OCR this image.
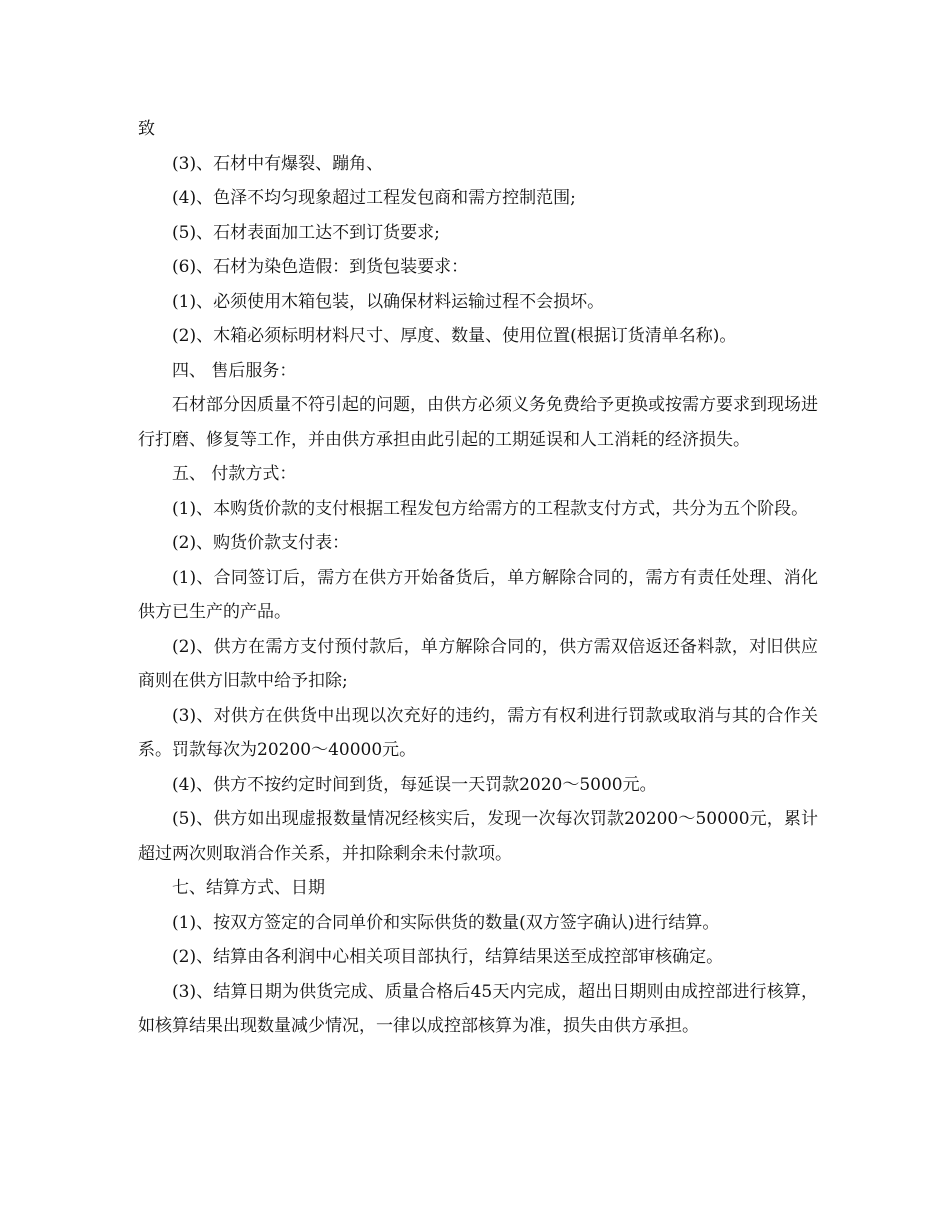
致

(3)、石材中有爆裂、蹦角、

(4)、色泽不均匀现象超过工程发包商和需方控制范围;

(5)、石材表面加工达不到订货要求;

(6)、石材为染色造假：到货包装要求：

(1)、必须使用木箱包装，以确保材料运输过程不会损坏。

(2)、木箱必须标明材料尺寸、厚度、数量、使用位置(根据订货清单名称)。

四、 售后服务：

石材部分因质量不符引起的问题，由供方必须义务免费给予更换或按需方要求到现场进行打磨、修复等工作，并由供方承担由此引起的工期延误和人工消耗的经济损失。

五、 付款方式：

(1)、本购货价款的支付根据工程发包方给需方的工程款支付方式，共分为五个阶段。

(2)、购货价款支付表：

(1)、合同签订后，需方在供方开始备货后，单方解除合同的，需方有责任处理、消化供方已生产的产品。

(2)、供方在需方支付预付款后，单方解除合同的，供方需双倍返还备料款，对旧供应商则在供方旧款中给予扣除;

(3)、对供方在供货中出现以次充好的违约，需方有权利进行罚款或取消与其的合作关系。罚款每次为20200～40000元。

(4)、供方不按约定时间到货，每延误一天罚款2020～5000元。

(5)、供方如出现虚报数量情况经核实后，发现一次每次罚款20200～50000元，累计超过两次则取消合作关系，并扣除剩余未付款项。

七、结算方式、日期

(1)、按双方签定的合同单价和实际供货的数量(双方签字确认)进行结算。

(2)、结算由各利润中心相关项目部执行，结算结果送至成控部审核确定。

(3)、结算日期为供货完成、质量合格后45天内完成，超出日期则由成控部进行核算，如核算结果出现数量减少情况，一律以成控部核算为准，损失由供方承担。
